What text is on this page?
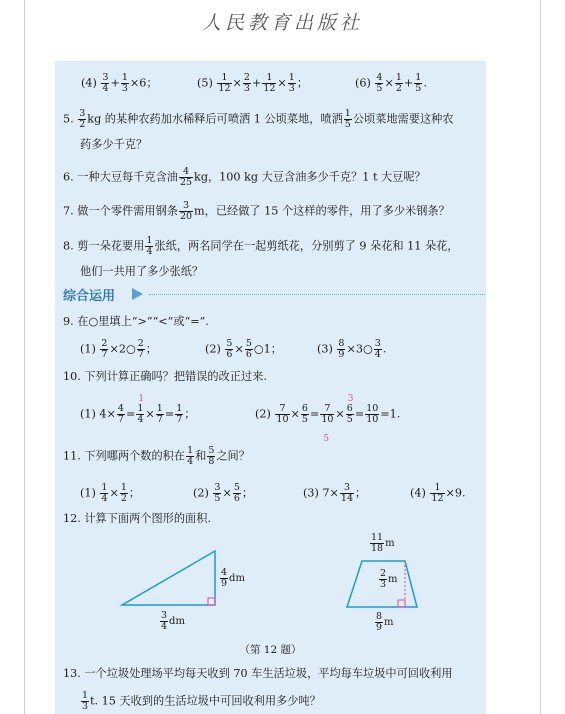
人民教育出版社
$(4) \frac{3}{4} + \frac{1}{3} \times 6$；	$(5) \frac{1}{12} \times \frac{2}{3} + \frac{1}{12} \times \frac{1}{3}$ ；	$(6) \frac{4}{5} \times \frac{1}{2} + \frac{1}{5}$ .
5. $\frac{3}{2}$ kg 的某种农药加水稀释后可喷洒 1 公顷菜地，喷洒 $\frac{1}{5}$ 公顷菜地需要这种农
药多少千克？
6. 一种大豆每千克含油 $\frac{4}{25}$ kg，100 kg 大豆含油多少千克？1 t 大豆呢？
7. 做一个零件需用钢条 $\frac{3}{20}$ m，已经做了 15 个这样的零件，用了多少米钢条？
8. 剪一朵花要用 $\frac{1}{4}$ 张纸，两名同学在一起剪纸花，分别剪了 9 朵花和 11 朵花，
他们一共用了多少张纸？
综合运用
9. 在○里填上“>”“<”或“=”.
$(1) \frac{2}{7}$ ×2○ $\frac{2}{7}$ ；	$(2) \frac{5}{6} \times \frac{5}{6}$ ○1；	$(3) \frac{8}{9}$ ×3○ $\frac{3}{4}$ .
10. 下列计算正确吗？把错误的改正过来.
(1) $4\times \frac{4}{7} = 1$
4
1
× $\frac{1}{7} = \frac{1}{7}$ ；	$(2) \frac{7}{10} \times \frac{6}{5} = 7$
10
5
× 6
5
3
= $\frac{10}{10} =1$.
11. 下列哪两个数的积在 $\frac{1}{4}$ 和 $\frac{5}{8}$ 之间？
$(1) \frac{1}{4} \times \frac{1}{2}$ ；	$(2) \frac{3}{5} \times \frac{5}{6}$ ；	(3) $7\times \frac{3}{14}$ ；	$(4) \frac{1}{12} \times 9$.
12. 计算下面两个图形的面积.
$\frac{4}{9}$ dm
$\frac{3}{4}$ dm
$\frac{11}{18}$ m
$\frac{2}{3}$ m
$\frac{8}{9}$ m
（第 12 题）
13. 一个垃圾处理场平均每天收到 70 车生活垃圾，平均每车垃圾中可回收利用
$\frac{1}{3} t$. 15 天收到的生活垃圾中可回收利用多少吨？
